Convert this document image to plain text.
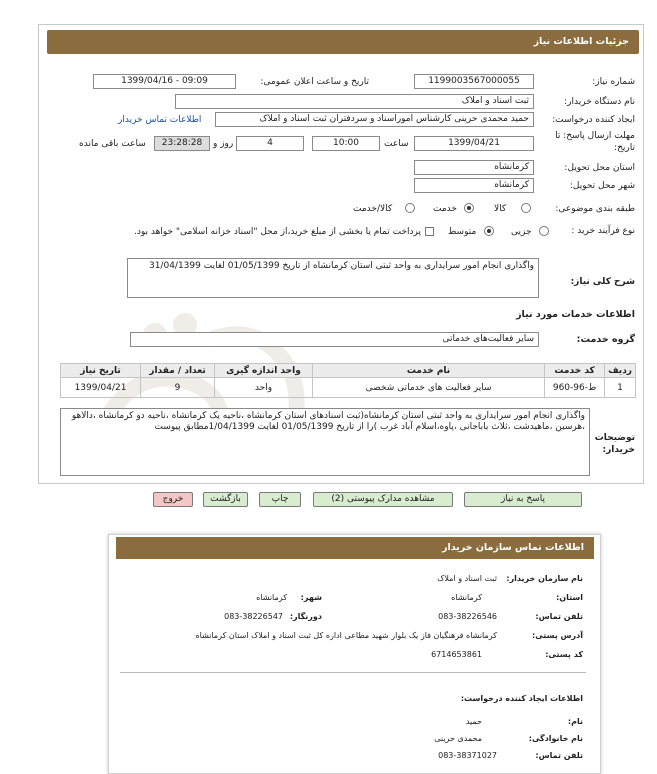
جزئیات اطلاعات نیاز
شماره نیاز:
1199003567000055
تاریخ و ساعت اعلان عمومی:
1399/04/16 - 09:09
نام دستگاه خریدار:
ثبت اسناد و املاک
ایجاد کننده درخواست:
حمید محمدی حرینی کارشناس اموراسناد و سردفتران ثبت اسناد و املاک
اطلاعات تماس خریدار
مهلت ارسال پاسخ: تا
تاریخ:
1399/04/21
ساعت
10:00
4
روز و
23:28:28
ساعت باقی مانده
استان محل تحویل:
کرمانشاه
شهر محل تحویل:
کرمانشاه
طبقه بندی موضوعی:
کالا
خدمت
کالا/خدمت
نوع فرآیند خرید :
جزیی
متوسط
پرداخت تمام یا بخشی از مبلغ خرید،از محل "اسناد خزانه اسلامی" خواهد بود.
شرح کلی نیاز:
واگذاری انجام امور سرایداری به واحد ثبتی استان کرمانشاه از تاریخ 01/05/1399 لغایت 31/04/1399
اطلاعات خدمات مورد نیاز
گروه خدمت:
سایر فعالیت‌های خدماتی
ردیف	کد خدمت	نام خدمت	واحد اندازه گیری	تعداد / مقدار	تاریخ نیاز
1	ط-96-960	سایر فعالیت های خدماتی شخصی	واحد	9	1399/04/21
توضیحات
خریدار:
واگذاری انجام امور سرایداری به واحد ثبتی استان کرمانشاه(ثبت اسنادهای استان کرمانشاه ،ناحیه یک کرمانشاه ،ناحیه دو کرمانشاه ،دالاهو ،هرسین ،ماهیدشت ،ثلاث باباجانی ،پاوه،اسلام آباد غرب )را از تاریخ 01/05/1399 لغایت 1/04/1399مطابق پیوست
پاسخ به نیاز
مشاهده مدارک پیوستی (2)
چاپ
بازگشت
خروج
اطلاعات تماس سازمان خریدار
نام سازمان خریدار:
ثبت اسناد و املاک
استان:
کرمانشاه
شهر:
کرمانشاه
تلفن تماس:
083-38226546
دورنگار:
083-38226547
آدرس پستی:
کرمانشاه فرهنگیان فاز یک بلوار شهید مطاعی اداره کل ثبت اسناد و املاک استان کرمانشاه
کد پستی:
6714653861
اطلاعات ایجاد کننده درخواست:
نام:
حمید
نام خانوادگی:
محمدی حرینی
تلفن تماس:
083-38371027
